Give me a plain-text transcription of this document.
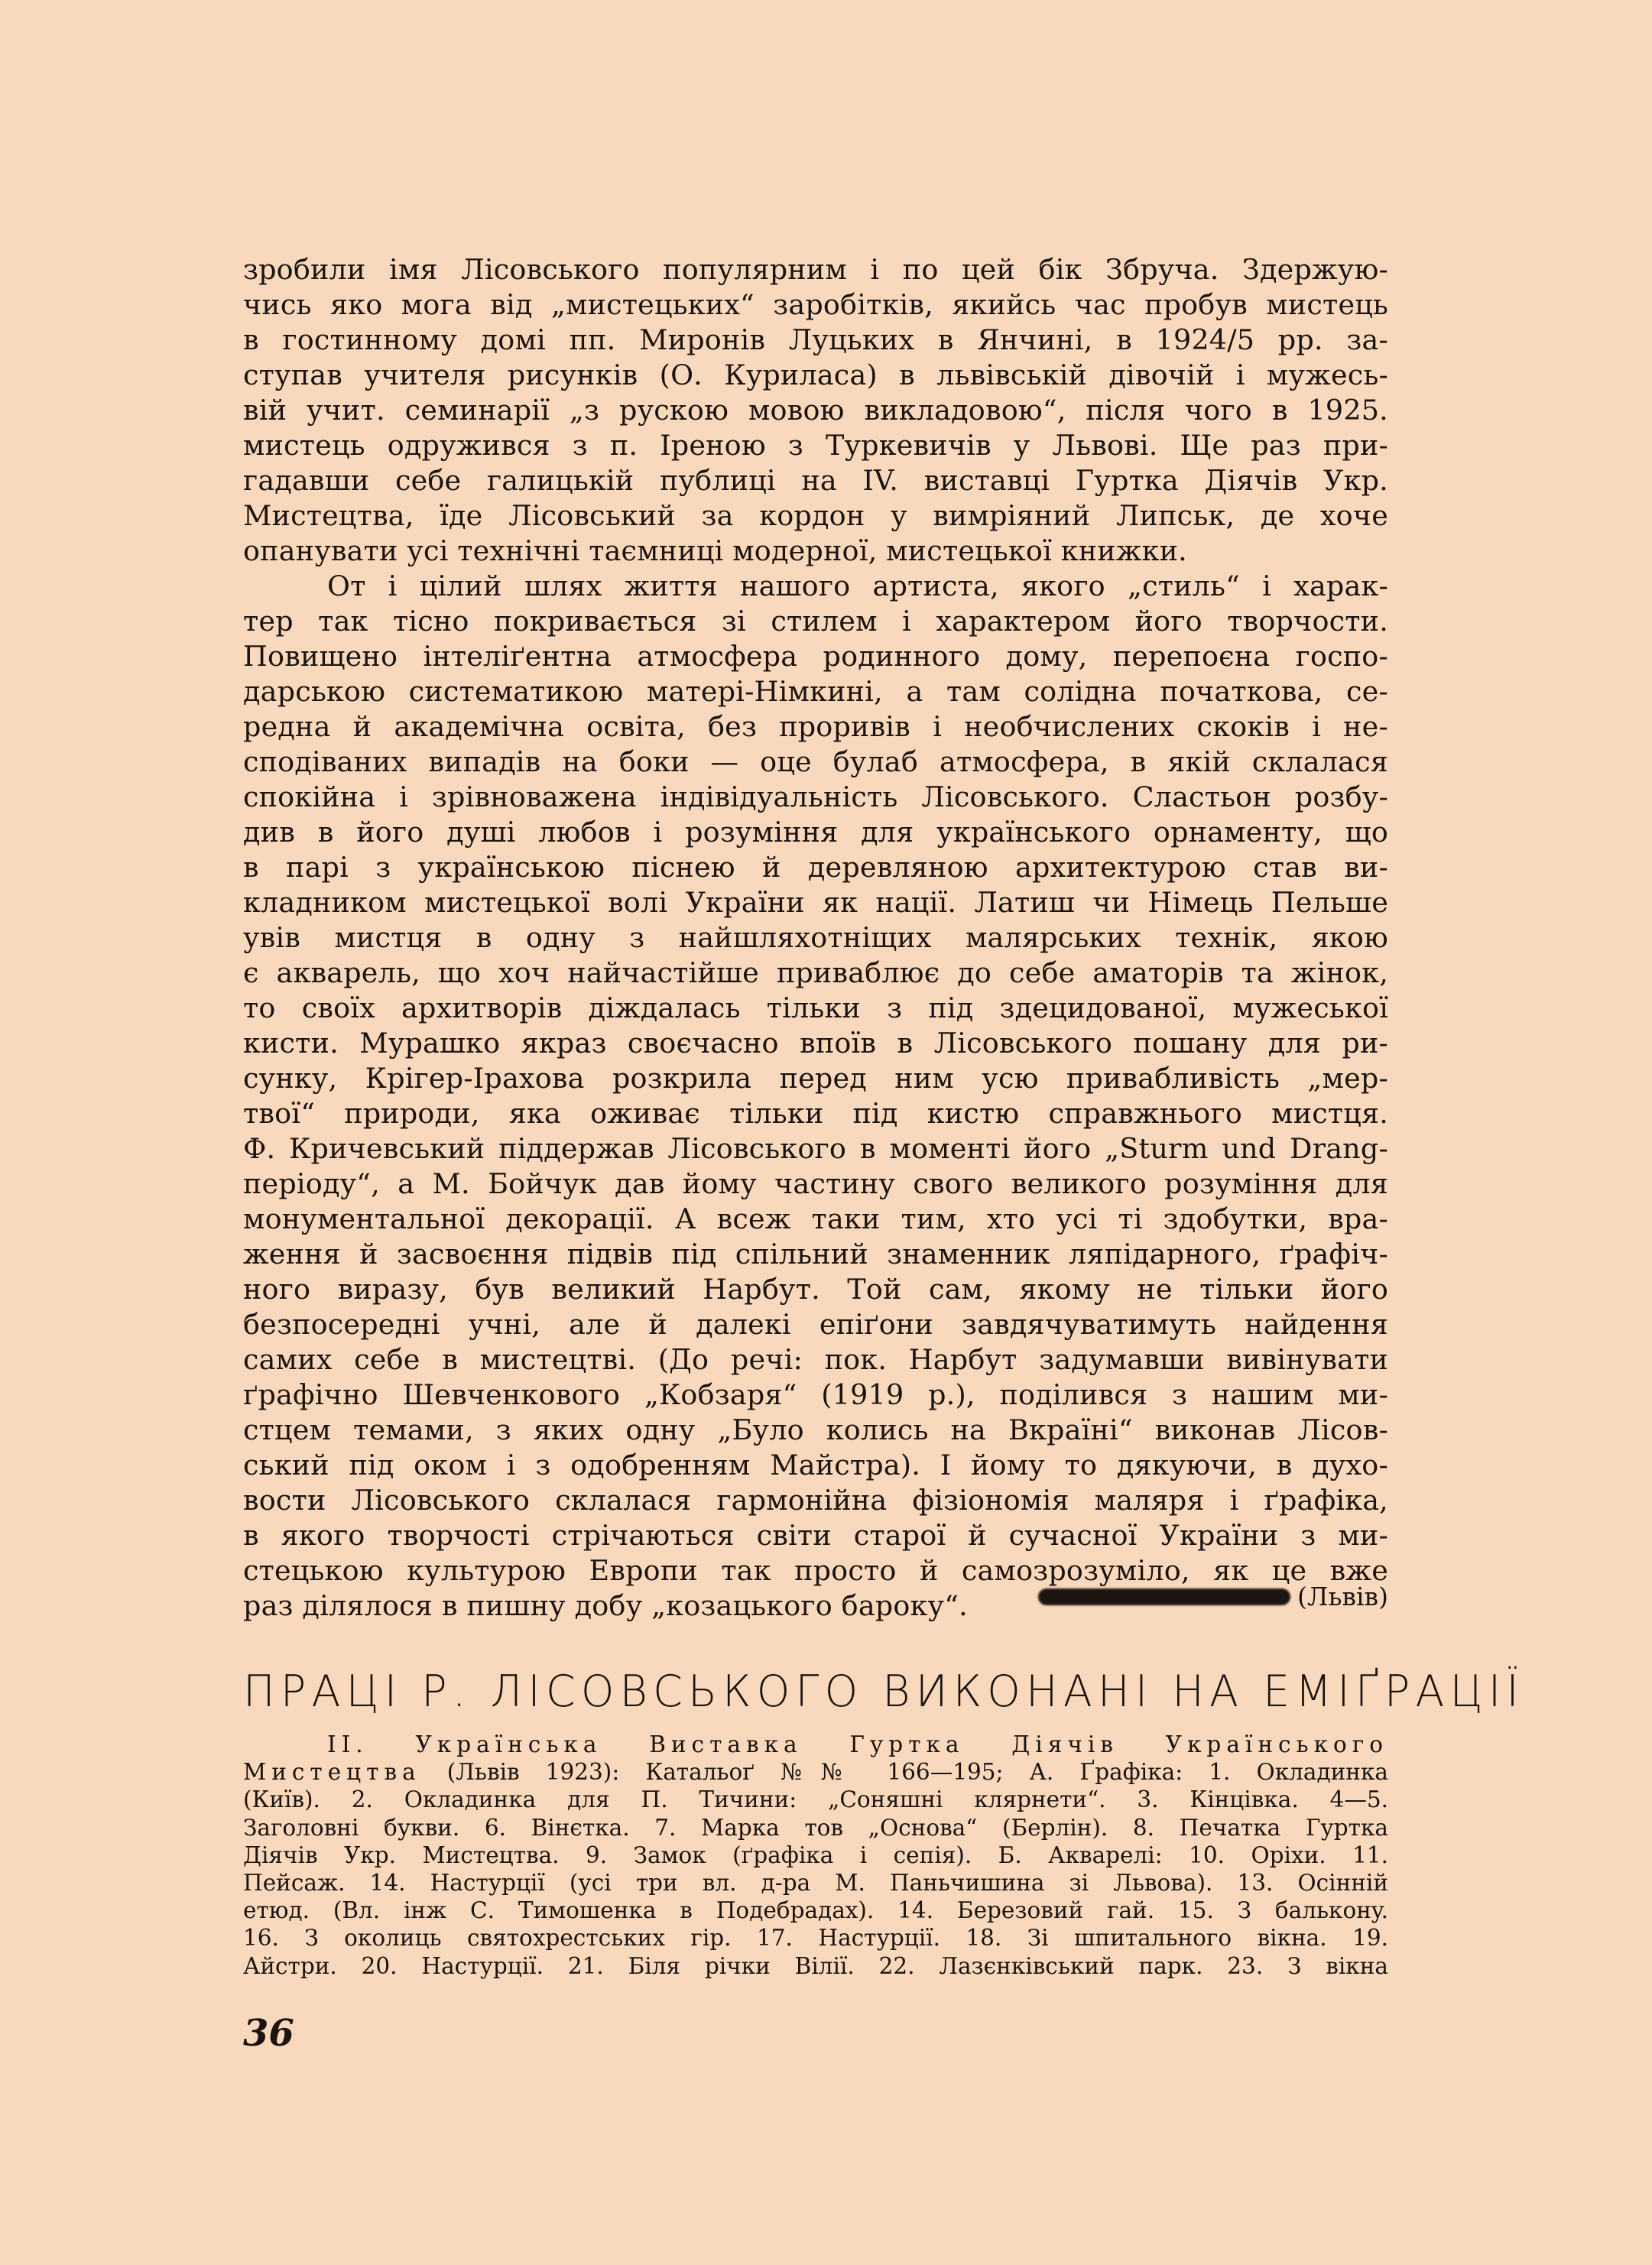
зробили імя Лісовського популярним і по цей бік Збруча. Здержую-
чись яко мога від „мистецьких“ заробітків, якийсь час пробув мистець
в гостинному домі пп. Миронів Луцьких в Янчині, в 1924/5 рр. за-
ступав учителя рисунків (О. Куриласа) в львівській дівочій і мужесь-
вій учит. семинарії „з рускою мовою викладовою“, після чого в 1925.
мистець одружився з п. Іреною з Туркевичів у Львові. Ще раз при-
гадавши себе галицькій публиці на IV. виставці Гуртка Діячів Укр.
Мистецтва, їде Лісовський за кордон у вимріяний Липськ, де хоче
опанувати усі технічні таємниці модерної, мистецької книжки.

От і цілий шлях життя нашого артиста, якого „стиль“ і харак-
тер так тісно покривається зі стилем і характером його творчости.
Повищено інтеліґентна атмосфера родинного дому, перепоєна госпо-
дарською систематикою матері-Німкині, а там солідна початкова, се-
редна й академічна освіта, без проривів і необчислених скоків і не-
сподіваних випадів на боки — оце булаб атмосфера, в якій склалася
спокійна і зрівноважена індівідуальність Лісовського. Сластьон розбу-
див в його душі любов і розуміння для українського орнаменту, що
в парі з українською піснею й деревляною архитектурою став ви-
кладником мистецької волі України як нації. Латиш чи Німець Пельше
увів мистця в одну з найшляхотніщих малярських технік, якою
є акварель, що хоч найчастійше приваблює до себе аматорів та жінок,
то своїх архитворів діждалась тільки з під здецидованої, мужеської
кисти. Мурашко якраз своєчасно впоїв в Лісовського пошану для ри-
сунку, Крігер-Ірахова розкрила перед ним усю привабливість „мер-
твої“ природи, яка оживає тільки під кистю справжнього мистця.
Ф. Кричевський піддержав Лісовського в моменті його „Sturm und Drang-
періоду“, а М. Бойчук дав йому частину свого великого розуміння для
монументальної декорації. А всеж таки тим, хто усі ті здобутки, вра-
ження й засвоєння підвів під спільний знаменник ляпідарного, ґрафіч-
ного виразу, був великий Нарбут. Той сам, якому не тільки його
безпосередні учні, але й далекі епіґони завдячуватимуть найдення
самих себе в мистецтві. (До речі: пок. Нарбут задумавши вивінувати
ґрафічно Шевченкового „Кобзаря“ (1919 р.), поділився з нашим ми-
стцем темами, з яких одну „Було колись на Вкраїні“ виконав Лісов-
ський під оком і з одобренням Майстра). І йому то дякуючи, в духо-
вости Лісовського склалася гармонійна фізіономія маляря і ґрафіка,
в якого творчості стрічаються світи старої й сучасної України з ми-
стецькою культурою Европи так просто й самозрозуміло, як це вже
раз ділялося в пишну добу „козацького бароку“.	(Львів)
ПРАЦІ Р. ЛІСОВСЬКОГО ВИКОНАНІ НА ЕМІҐРАЦІЇ
II. Українська Виставка Гуртка Діячів Українського
Мистецтва (Львів 1923): Катальоґ №№ 166—195; А. Ґрафіка: 1. Окладинка
(Київ). 2. Окладинка для П. Тичини: „Соняшні клярнети“. 3. Кінцівка. 4—5.
Заголовні букви. 6. Вінєтка. 7. Марка тов „Основа“ (Берлін). 8. Печатка Гуртка
Діячів Укр. Мистецтва. 9. Замок (ґрафіка і сепія). Б. Акварелі: 10. Оріхи. 11.
Пейсаж. 14. Настурції (усі три вл. д-ра М. Паньчишина зі Львова). 13. Осінній
етюд. (Вл. інж С. Тимошенка в Подебрадах). 14. Березовий гай. 15. З бальконy.
16. З околиць святохрестських гір. 17. Настурції. 18. Зі шпитального вікна. 19.
Айстри. 20. Настурції. 21. Біля річки Вілії. 22. Лазєнківський парк. 23. З вікна
36
